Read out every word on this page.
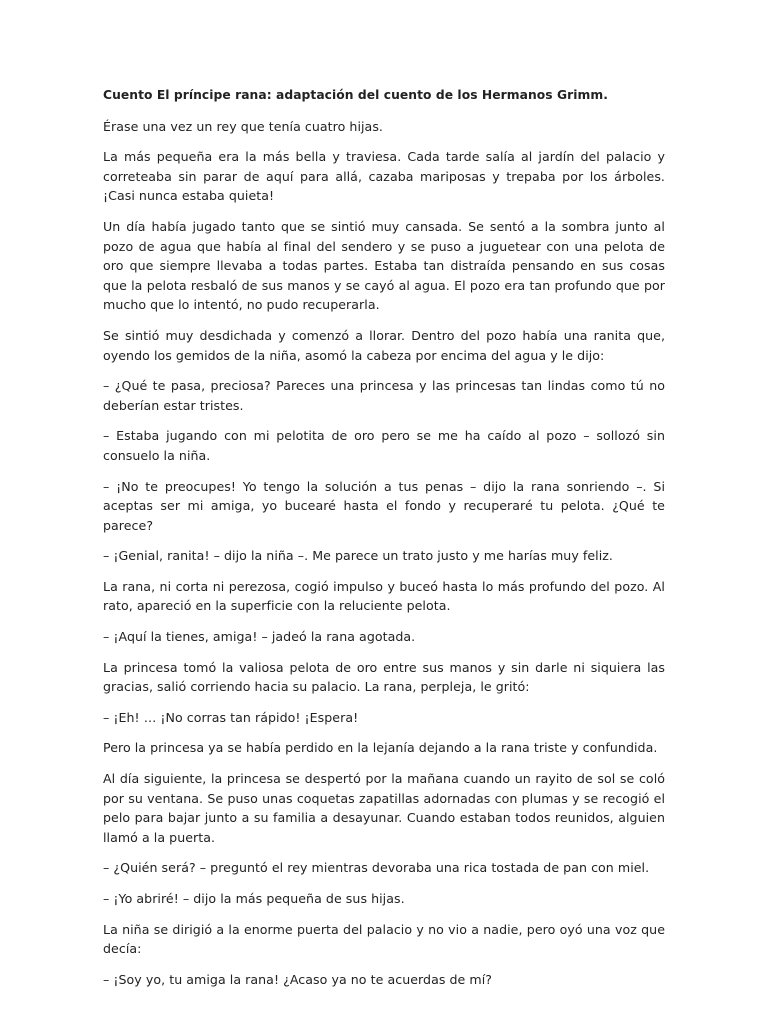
Cuento El príncipe rana: adaptación del cuento de los Hermanos Grimm.

Érase una vez un rey que tenía cuatro hijas.

La más pequeña era la más bella y traviesa. Cada tarde salía al jardín del palacio y correteaba sin parar de aquí para allá, cazaba mariposas y trepaba por los árboles. ¡Casi nunca estaba quieta!

Un día había jugado tanto que se sintió muy cansada. Se sentó a la sombra junto al pozo de agua que había al final del sendero y se puso a juguetear con una pelota de oro que siempre llevaba a todas partes. Estaba tan distraída pensando en sus cosas que la pelota resbaló de sus manos y se cayó al agua. El pozo era tan profundo que por mucho que lo intentó, no pudo recuperarla.

Se sintió muy desdichada y comenzó a llorar. Dentro del pozo había una ranita que, oyendo los gemidos de la niña, asomó la cabeza por encima del agua y le dijo:

– ¿Qué te pasa, preciosa? Pareces una princesa y las princesas tan lindas como tú no deberían estar tristes.

– Estaba jugando con mi pelotita de oro pero se me ha caído al pozo – sollozó sin consuelo la niña.

– ¡No te preocupes! Yo tengo la solución a tus penas – dijo la rana sonriendo –. Si aceptas ser mi amiga, yo bucearé hasta el fondo y recuperaré tu pelota. ¿Qué te parece?

– ¡Genial, ranita! – dijo la niña –. Me parece un trato justo y me harías muy feliz.

La rana, ni corta ni perezosa, cogió impulso y buceó hasta lo más profundo del pozo. Al rato, apareció en la superficie con la reluciente pelota.

– ¡Aquí la tienes, amiga! – jadeó la rana agotada.

La princesa tomó la valiosa pelota de oro entre sus manos y sin darle ni siquiera las gracias, salió corriendo hacia su palacio. La rana, perpleja, le gritó:

– ¡Eh! … ¡No corras tan rápido! ¡Espera!

Pero la princesa ya se había perdido en la lejanía dejando a la rana triste y confundida.

Al día siguiente, la princesa se despertó por la mañana cuando un rayito de sol se coló por su ventana. Se puso unas coquetas zapatillas adornadas con plumas y se recogió el pelo para bajar junto a su familia a desayunar. Cuando estaban todos reunidos, alguien llamó a la puerta.

– ¿Quién será? – preguntó el rey mientras devoraba una rica tostada de pan con miel.

– ¡Yo abriré! – dijo la más pequeña de sus hijas.

La niña se dirigió a la enorme puerta del palacio y no vio a nadie, pero oyó una voz que decía:

– ¡Soy yo, tu amiga la rana! ¿Acaso ya no te acuerdas de mí?
